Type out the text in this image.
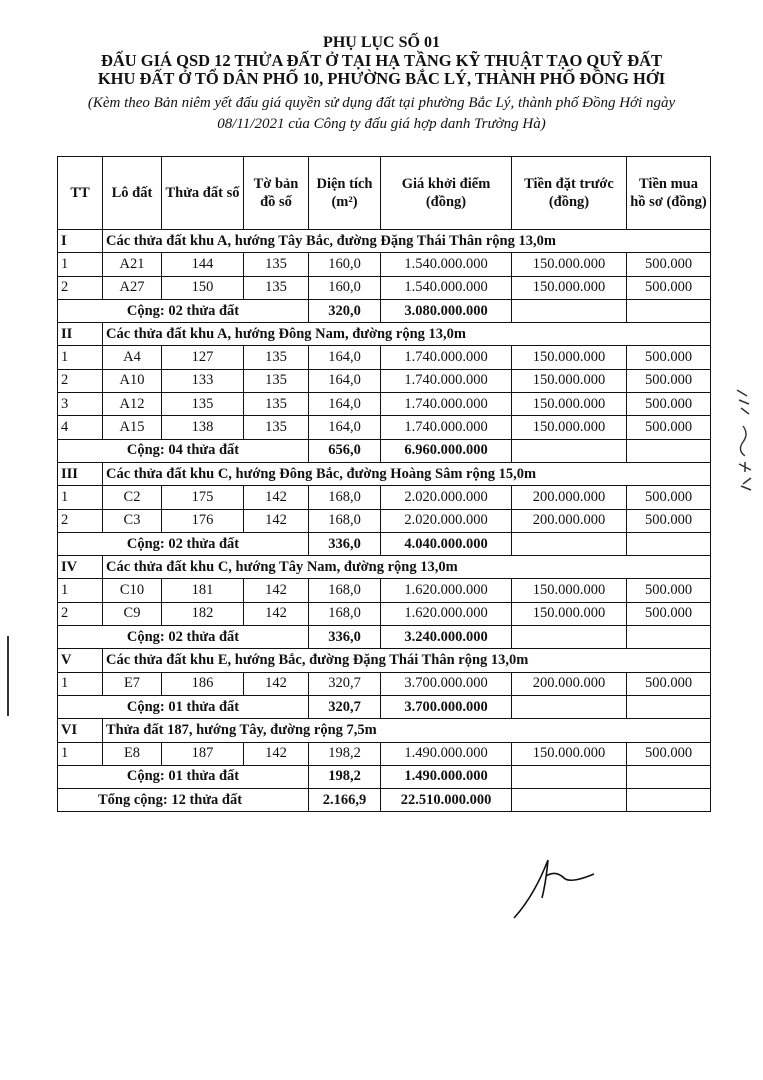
PHỤ LỤC SỐ 01
ĐẤU GIÁ QSD 12 THỬA ĐẤT Ở TẠI HẠ TẦNG KỸ THUẬT TẠO QUỸ ĐẤT
KHU ĐẤT Ở TỔ DÂN PHỐ 10, PHƯỜNG BẮC LÝ, THÀNH PHỐ ĐỒNG HỚI
(Kèm theo Bản niêm yết đấu giá quyền sử dụng đất tại phường Bắc Lý, thành phố Đồng Hới ngày
08/11/2021 của Công ty đấu giá hợp danh Trường Hà)
TT	Lô đất	Thửa đất số	Tờ bản đồ số	Diện tích (m²)	Giá khởi điểm (đồng)	Tiền đặt trước (đồng)	Tiền mua hồ sơ (đồng)
I	Các thửa đất khu A, hướng Tây Bắc, đường Đặng Thái Thân rộng 13,0m						
1	A21	144	135	160,0	1.540.000.000	150.000.000	500.000
2	A27	150	135	160,0	1.540.000.000	150.000.000	500.000
Cộng: 02 thửa đất				320,0	3.080.000.000		
II	Các thửa đất khu A, hướng Đông Nam, đường rộng 13,0m						
1	A4	127	135	164,0	1.740.000.000	150.000.000	500.000
2	A10	133	135	164,0	1.740.000.000	150.000.000	500.000
3	A12	135	135	164,0	1.740.000.000	150.000.000	500.000
4	A15	138	135	164,0	1.740.000.000	150.000.000	500.000
Cộng: 04 thửa đất				656,0	6.960.000.000		
III	Các thửa đất khu C, hướng Đông Bắc, đường Hoàng Sâm rộng 15,0m						
1	C2	175	142	168,0	2.020.000.000	200.000.000	500.000
2	C3	176	142	168,0	2.020.000.000	200.000.000	500.000
Cộng: 02 thửa đất				336,0	4.040.000.000		
IV	Các thửa đất khu C, hướng Tây Nam, đường rộng 13,0m						
1	C10	181	142	168,0	1.620.000.000	150.000.000	500.000
2	C9	182	142	168,0	1.620.000.000	150.000.000	500.000
Cộng: 02 thửa đất				336,0	3.240.000.000		
V	Các thửa đất khu E, hướng Bắc, đường Đặng Thái Thân rộng 13,0m						
1	E7	186	142	320,7	3.700.000.000	200.000.000	500.000
Cộng: 01 thửa đất				320,7	3.700.000.000		
VI	Thửa đất 187, hướng Tây, đường rộng 7,5m						
1	E8	187	142	198,2	1.490.000.000	150.000.000	500.000
Cộng: 01 thửa đất				198,2	1.490.000.000		
Tổng cộng: 12 thửa đất				2.166,9	22.510.000.000		
